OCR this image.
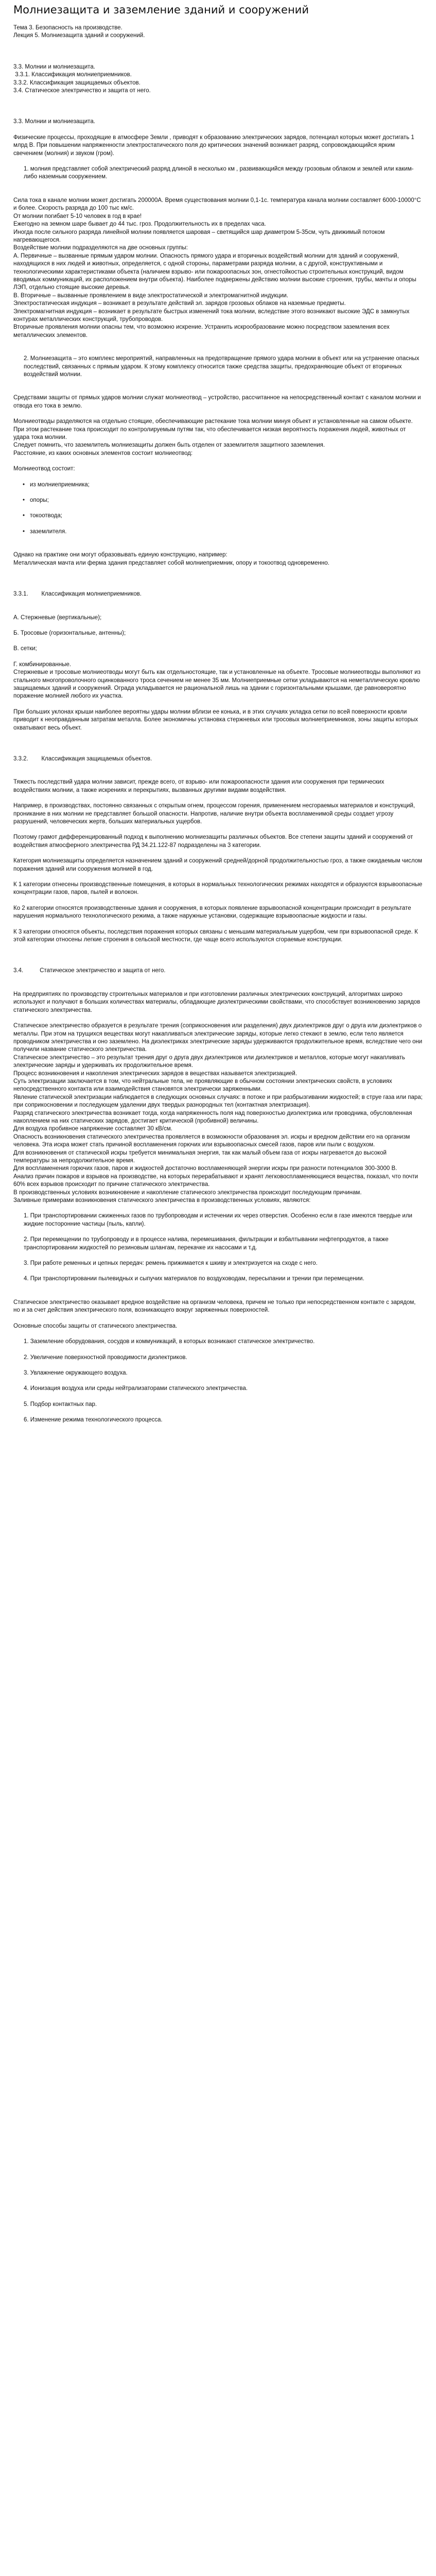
Молниезащита и заземление зданий и сооружений

Тема 3. Безопасность на производстве.

Лекция 5. Молниезащита зданий и сооружений.

3.3. Молнии и молниезащита.

3.3.1. Классификация молниеприемников.

3.3.2. Классификация защищаемых объектов.

3.4. Статическое электричество и защита от него.

3.3. Молнии и молниезащита.

Физические процессы, проходящие в атмосфере Земли , приводят к образованию электрических зарядов, потенциал которых может достигать 1 млрд В. При повышении напряженности электростатического поля до критических значений возникает разряд, сопровождающийся ярким свечением (молния) и звуком (гром).

1. молния представляет собой электрический разряд длиной в несколько км , развивающийся между грозовым облаком и землей или каким-либо наземным сооружением.

Сила тока в канале молнии может достигать 200000А. Время существования молнии 0,1-1с. температура канала молнии составляет 6000-10000°С и более. Скорость разряда до 100 тыс км/с.

От молнии погибает 5-10 человек в год в крае!

Ежегодно на земном шаре бывает до 44 тыс. гроз. Продолжительность их в пределах часа.

Иногда после сильного разряда линейной молнии появляется шаровая – светящийся шар диаметром 5-35см, чуть движимый потоком нагревающегося.

Воздействие молнии подразделяются на две основных группы:

А. Первичные – вызванные прямым ударом молнии. Опасность прямого удара и вторичных воздействий молнии для зданий и сооружений, находящихся в них людей и животных, определяется, с одной стороны, параметрами разряда молнии, а с другой, конструктивными и технологическими характеристиками объекта (наличием взрыво- или пожароопасных зон, огнестойкостью строительных конструкций, видом вводимых коммуникаций, их расположением внутри объекта). Наиболее подвержены действию молнии высокие строения, трубы, мачты и опоры ЛЭП, отдельно стоящие высокие деревья.

В. Вторичные – вызванные проявлением в виде электростатической и электромагнитной индукции.

Электростатическая индукция – возникает в результате действий эл. зарядов грозовых облаков на наземные предметы.

Электромагнитная индукция – возникает в результате быстрых изменений тока молнии, вследствие этого возникают высокие ЭДС в замкнутых контурах металлических конструкций, трубопроводов.

Вторичные проявления молнии опасны тем, что возможно искрение. Устранить искрообразование можно посредством заземления всех металлических элементов.

2. Молниезащита – это комплекс мероприятий, направленных на предотвращение прямого удара молнии в объект или на устранение опасных последствий, связанных с прямым ударом. К этому комплексу относится также средства защиты, предохраняющие объект от вторичных воздействий молнии.

Средствами защиты от прямых ударов молнии служат молниеотвод – устройство, рассчитанное на непосредственный контакт с каналом молнии и отвода его тока в землю.

Молниеотводы разделяются на отдельно стоящие, обеспечивающие растекание тока молнии минуя объект и установленные на самом объекте. При этом растекание тока происходит по контролируемым путям так, что обеспечивается низкая вероятность поражения людей, животных от удара тока молнии.

Следует помнить, что заземлитель молниезащиты должен быть отделен от заземлителя защитного заземления.

Расстояние, из каких основных элементов состоит молниеотвод:

Молниеотвод состоит:

• из молниеприемника;
• опоры;
• токоотвода;
• заземлителя.

Однако на практике они могут образовывать единую конструкцию, например:

Металлическая мачта или ферма здания представляет собой молниеприемник, опору и токоотвод одновременно.

3.3.1.        Классификация молниеприемников.

А. Стержневые (вертикальные);

Б. Тросовые (горизонтальные, антенны);

В. сетки;

Г. комбинированные.

Стержневые и тросовые молниеотводы могут быть как отдельностоящие, так и установленные на объекте. Тросовые молниеотводы выполняют из стального многопроволочного оцинкованного троса сечением не менее 35 мм. Молниеприемные сетки укладываются на неметаллическую кровлю защищаемых зданий и сооружений. Ограда укладывается не рациональной лишь на здании с горизонтальными крышами, где равновероятно поражение молнией любого их участка.

При больших уклонах крыши наиболее вероятны удары молнии вблизи ее конька, и в этих случаях укладка сетки по всей поверхности кровли приводит к неоправданным затратам металла. Более экономичны установка стержневых или тросовых молниеприемников, зоны защиты которых охватывают весь объект.

3.3.2.        Классификация защищаемых объектов.

Тяжесть последствий удара молнии зависит, прежде всего, от взрыво- или пожароопасности здания или сооружения при термических воздействиях молнии, а также искрениях и перекрытиях, вызванных другими видами воздействия.

Например, в производствах, постоянно связанных с открытым огнем, процессом горения, применением несгораемых материалов и конструкций, проникание в них молнии не представляет большой опасности. Напротив, наличие внутри объекта воспламенимой среды создает угрозу разрушений, человеческих жертв, больших материальных ущербов.

Поэтому грамот дифференцированный подход к выполнению молниезащиты различных объектов. Все степени защиты зданий и сооружений от воздействия атмосферного электричества РД 34.21.122-87 подразделены на 3 категории.

Категория молниезащиты определяется назначением зданий и сооружений средней/дорной продолжительностью гроз, а также ожидаемым числом поражения зданий или сооружения молнией в год.

К 1 категории отнесены производственные помещения, в которых в нормальных технологических режимах находятся и образуются взрывоопасные концентрации газов, паров, пылей и волокон.

Ко 2 категории относятся производственные здания и сооружения, в которых появление взрывоопасной концентрации происходит в результате нарушения нормального технологического режима, а также наружные установки, содержащие взрывоопасные жидкости и газы.

К 3 категории относятся объекты, последствия поражения которых связаны с меньшим материальным ущербом, чем при взрывоопасной среде. К этой категории относены легкие строения в сельской местности, где чаще всего используются сгораемые конструкции.

3.4.          Статическое электричество и защита от него.

На предприятиях по производству строительных материалов и при изготовлении различных электрических конструкций, алгоритмах широко используют и получают в больших количествах материалы, обладающие диэлектрическими свойствами, что способствует возникновению зарядов статического электричества.

Статическое электричество образуется в результате трения (соприкосновения или разделения) двух диэлектриков друг о друга или диэлектриков о металлы. При этом на трущихся веществах могут накапливаться электрические заряды, которые легко стекают в землю, если тело является проводником электричества и оно заземлено. На диэлектриках электрические заряды удерживаются продолжительное время, вследствие чего они получили название статического электричества.

Статическое электричество – это результат трения друг о друга двух диэлектриков или диэлектриков и металлов, которые могут накапливать электрические заряды и удерживать их продолжительное время.

Процесс возникновения и накопления электрических зарядов в веществах называется электризацией.

Суть электризации заключается в том, что нейтральные тела, не проявляющие в обычном состоянии электрических свойств, в условиях непосредственного контакта или взаимодействия становятся электрически заряженными.

Явление статической электризации наблюдается в следующих основных случаях: в потоке и при разбрызгивании жидкостей; в струе газа или пара; при соприкосновении и последующем удалении двух твердых разнородных тел (контактная электризация).

Разряд статического электричества возникает тогда, когда напряженность поля над поверхностью диэлектрика или проводника, обусловленная накоплением на них статических зарядов, достигает критической (пробивной) величины.

Для воздуха пробивное напряжение составляет 30 кВ/см.

Опасность возникновения статического электричества проявляется в возможности образования эл. искры и вредном действии его на организм человека. Эта искра может стать причиной воспламенения горючих или взрывоопасных смесей газов, паров или пыли с воздухом.

Для возникновения от статической искры требуется минимальная энергия, так как малый объем газа от искры нагревается до высокой температуры за непродолжительное время.

Для воспламенения горючих газов, паров и жидкостей достаточно воспламеняющей энергии искры при разности потенциалов 300-3000 В.

Анализ причин пожаров и взрывов на производстве, на которых перерабатывают и хранят легковоспламеняющиеся вещества, показал, что почти 60% всех взрывов происходит по причине статического электричества.

В производственных условиях возникновение и накопление статического электричества происходит последующим причинам.

Заливные примерами возникновения статического электричества в производственных условиях, являются:

1. При транспортировании сжиженных газов по трубопроводам и истечении их через отверстия. Особенно если в газе имеются твердые или жидкие посторонние частицы (пыль, капли).

2. При перемещении по трубопроводу и в процессе налива, перемешивания, фильтрации и взбалтывании нефтепродуктов, а также транспортировании жидкостей по резиновым шлангам, перекачке их насосами и т.д.

3. При работе ременных и цепных передач: ремень прижимается к шкиву и электризуется на сходе с него.

4. При транспортировании пылевидных и сыпучих материалов по воздуховодам, пересыпании и трении при перемещении.

Статическое электричество оказывает вредное воздействие на организм человека, причем не только при непосредственном контакте с зарядом, но и за счет действия электрического поля, возникающего вокруг заряженных поверхностей.

Основные способы защиты от статического электричества.

1. Заземление оборудования, сосудов и коммуникаций, в которых возникают статическое электричество.

2. Увеличение поверхностной проводимости диэлектриков.

3. Увлажнение окружающего воздуха.

4. Ионизация воздуха или среды нейтрализаторами статического электричества.

5. Подбор контактных пар.

6. Изменение режима технологического процесса.
